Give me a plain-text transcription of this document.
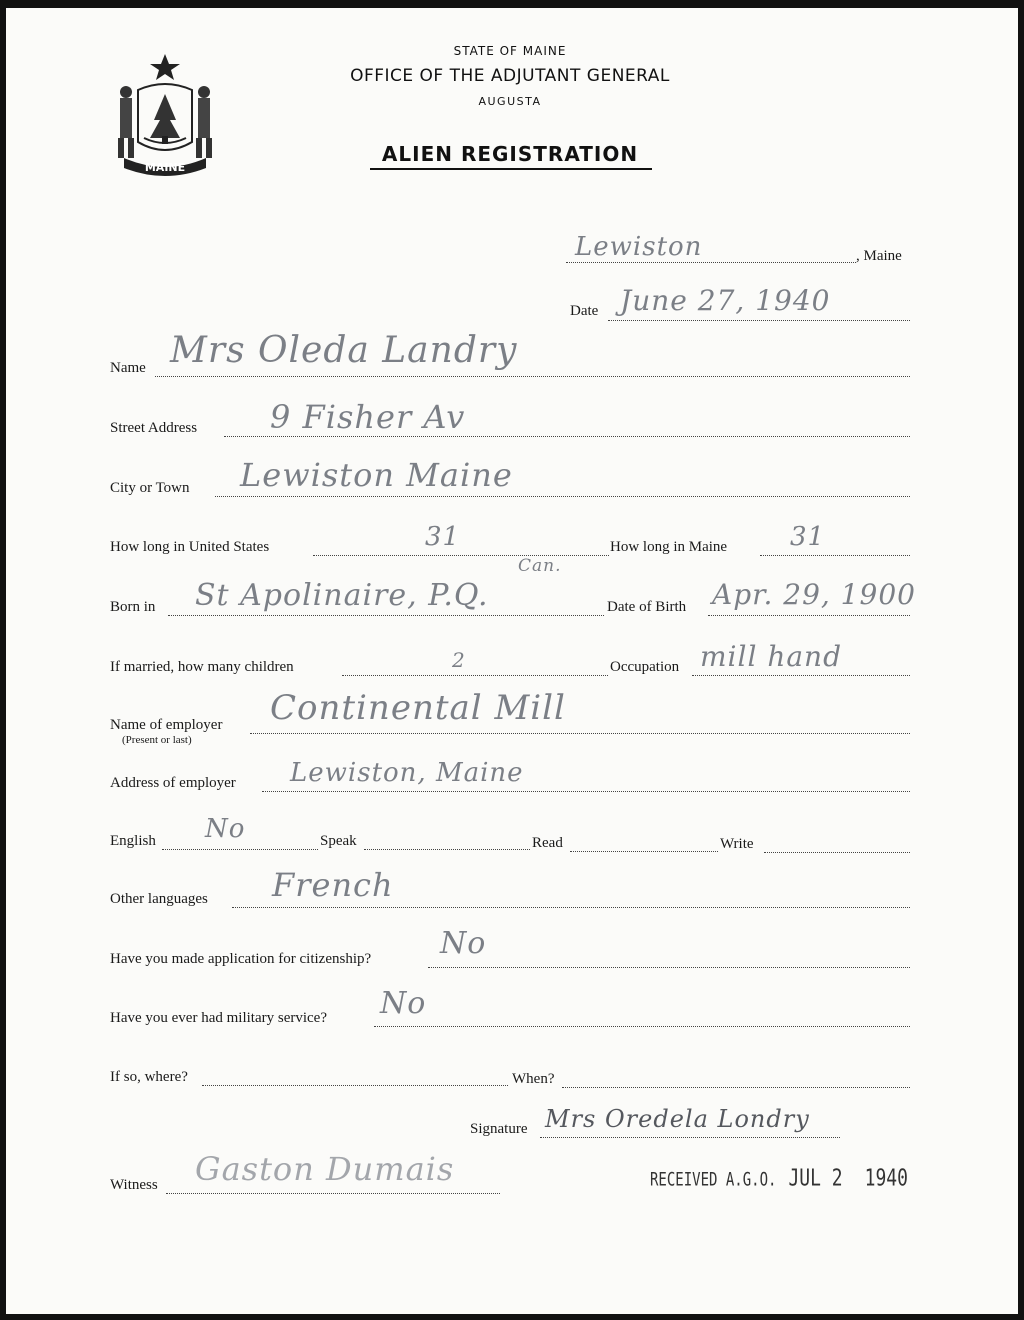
MAINE
STATE OF MAINE
OFFICE OF THE ADJUTANT GENERAL
AUGUSTA
ALIEN REGISTRATION
Lewiston	, Maine
Date June 27, 1940
Name Mrs Oleda Landry
Street Address 9 Fisher Av
City or Town Lewiston Maine
How long in United States	31	How long in Maine 31
Born in St Apolinaire, P.Q.
Can.
Date of Birth Apr. 29, 1900
If married, how many children	2	Occupation mill hand
Name of employer
(Present or last)
Continental Mill
Address of employer Lewiston, Maine
English No	Speak	Read	Write
Other languages French
Have you made application for citizenship? No
Have you ever had military service? No
If so, where?	When?
Signature Mrs Oredela Londry
Witness Gaston Dumais	RECEIVED A.G.O. JUL 2 1940
